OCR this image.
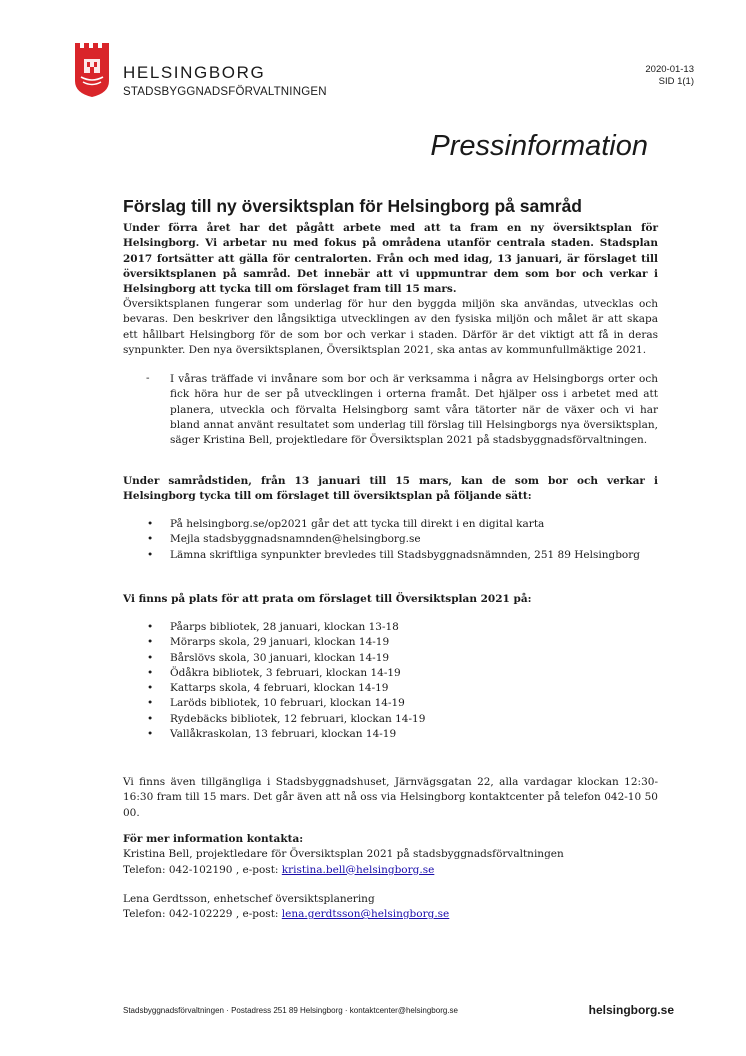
HELSINGBORG
STADSBYGGNADSFÖRVALTNINGEN
2020-01-13
SID 1(1)
Pressinformation
Förslag till ny översiktsplan för Helsingborg på samråd

Under förra året har det pågått arbete med att ta fram en ny översiktsplan för Helsingborg. Vi arbetar nu med fokus på områdena utanför centrala staden. Stadsplan 2017 fortsätter att gälla för centralorten. Från och med idag, 13 januari, är förslaget till översiktsplanen på samråd. Det innebär att vi uppmuntrar dem som bor och verkar i Helsingborg att tycka till om förslaget fram till 15 mars.

Översiktsplanen fungerar som underlag för hur den byggda miljön ska användas, utvecklas och bevaras. Den beskriver den långsiktiga utvecklingen av den fysiska miljön och målet är att skapa ett hållbart Helsingborg för de som bor och verkar i staden. Därför är det viktigt att få in deras synpunkter. Den nya översiktsplanen, Översiktsplan 2021, ska antas av kommunfullmäktige 2021.

- I våras träffade vi invånare som bor och är verksamma i några av Helsingborgs orter och fick höra hur de ser på utvecklingen i orterna framåt. Det hjälper oss i arbetet med att planera, utveckla och förvalta Helsingborg samt våra tätorter när de växer och vi har bland annat använt resultatet som underlag till förslag till Helsingborgs nya översiktsplan, säger Kristina Bell, projektledare för Översiktsplan 2021 på stadsbyggnadsförvaltningen.

Under samrådstiden, från 13 januari till 15 mars, kan de som bor och verkar i Helsingborg tycka till om förslaget till översiktsplan på följande sätt:

• På helsingborg.se/op2021 går det att tycka till direkt i en digital karta
• Mejla stadsbyggnadsnamnden@helsingborg.se
• Lämna skriftliga synpunkter brevledes till Stadsbyggnadsnämnden, 251 89 Helsingborg
Vi finns på plats för att prata om förslaget till Översiktsplan 2021 på:
• Påarps bibliotek, 28 januari, klockan 13-18
• Mörarps skola, 29 januari, klockan 14-19
• Bårslövs skola, 30 januari, klockan 14-19
• Ödåkra bibliotek, 3 februari, klockan 14-19
• Kattarps skola, 4 februari, klockan 14-19
• Laröds bibliotek, 10 februari, klockan 14-19
• Rydebäcks bibliotek, 12 februari, klockan 14-19
• Vallåkraskolan, 13 februari, klockan 14-19

Vi finns även tillgängliga i Stadsbyggnadshuset, Järnvägsgatan 22, alla vardagar klockan 12:30-16:30 fram till 15 mars. Det går även att nå oss via Helsingborg kontaktcenter på telefon 042-10 50 00.

För mer information kontakta:
Kristina Bell, projektledare för Översiktsplan 2021 på stadsbyggnadsförvaltningen
Telefon: 042-102190 , e-post: kristina.bell@helsingborg.se
Lena Gerdtsson, enhetschef översiktsplanering
Telefon: 042-102229 , e-post: lena.gerdtsson@helsingborg.se
Stadsbyggnadsförvaltningen · Postadress 251 89 Helsingborg · kontaktcenter@helsingborg.se	helsingborg.se
